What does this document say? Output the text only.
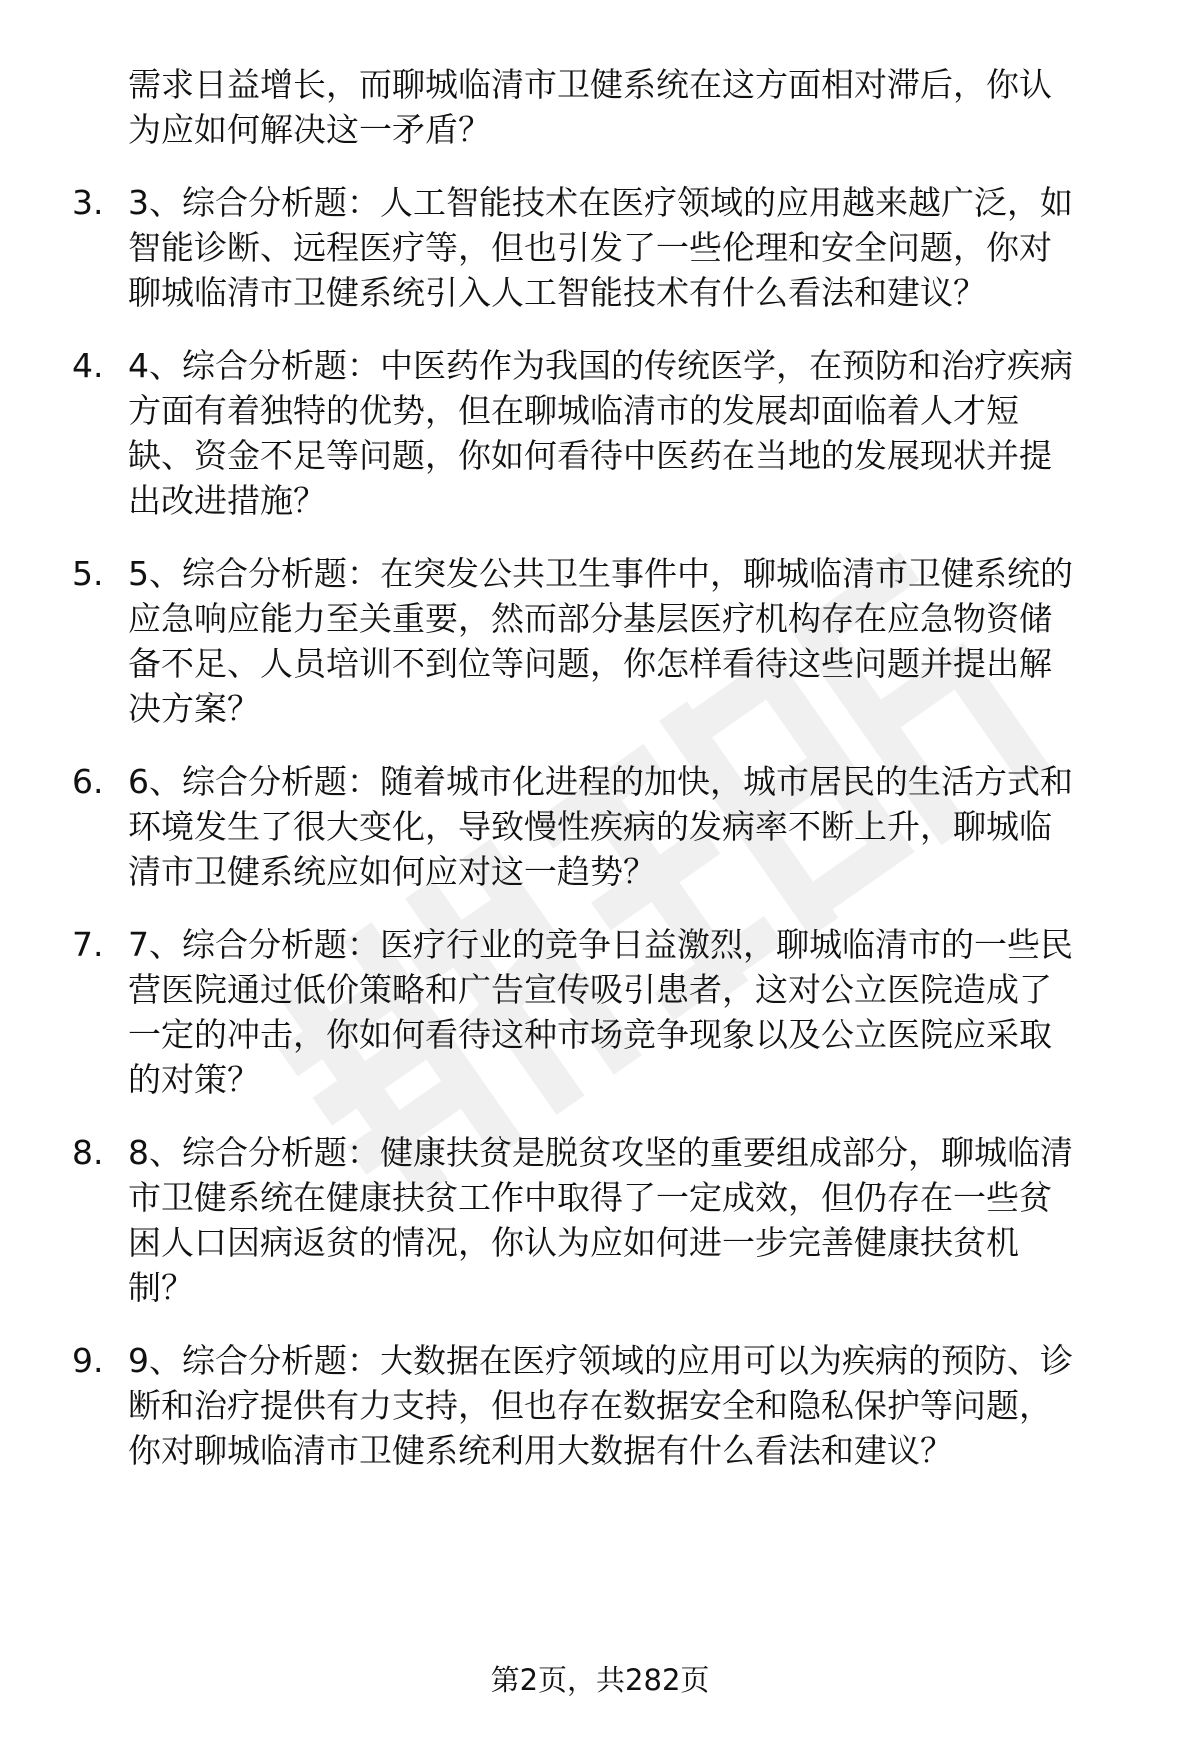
需求日益增长，而聊城临清市卫健系统在这方面相对滞后，你认
为应如何解决这一矛盾？
3. 3、综合分析题：人工智能技术在医疗领域的应用越来越广泛，如
智能诊断、远程医疗等，但也引发了一些伦理和安全问题，你对
聊城临清市卫健系统引入人工智能技术有什么看法和建议？
4. 4、综合分析题：中医药作为我国的传统医学，在预防和治疗疾病
方面有着独特的优势，但在聊城临清市的发展却面临着人才短
缺、资金不足等问题，你如何看待中医药在当地的发展现状并提
出改进措施？
5. 5、综合分析题：在突发公共卫生事件中，聊城临清市卫健系统的
应急响应能力至关重要，然而部分基层医疗机构存在应急物资储
备不足、人员培训不到位等问题，你怎样看待这些问题并提出解
决方案？
6. 6、综合分析题：随着城市化进程的加快，城市居民的生活方式和
环境发生了很大变化，导致慢性疾病的发病率不断上升，聊城临
清市卫健系统应如何应对这一趋势？
7. 7、综合分析题：医疗行业的竞争日益激烈，聊城临清市的一些民
营医院通过低价策略和广告宣传吸引患者，这对公立医院造成了
一定的冲击，你如何看待这种市场竞争现象以及公立医院应采取
的对策？
8. 8、综合分析题：健康扶贫是脱贫攻坚的重要组成部分，聊城临清
市卫健系统在健康扶贫工作中取得了一定成效，但仍存在一些贫
困人口因病返贫的情况，你认为应如何进一步完善健康扶贫机
制？
9. 9、综合分析题：大数据在医疗领域的应用可以为疾病的预防、诊
断和治疗提供有力支持，但也存在数据安全和隐私保护等问题，
你对聊城临清市卫健系统利用大数据有什么看法和建议？
第2页，共282页
